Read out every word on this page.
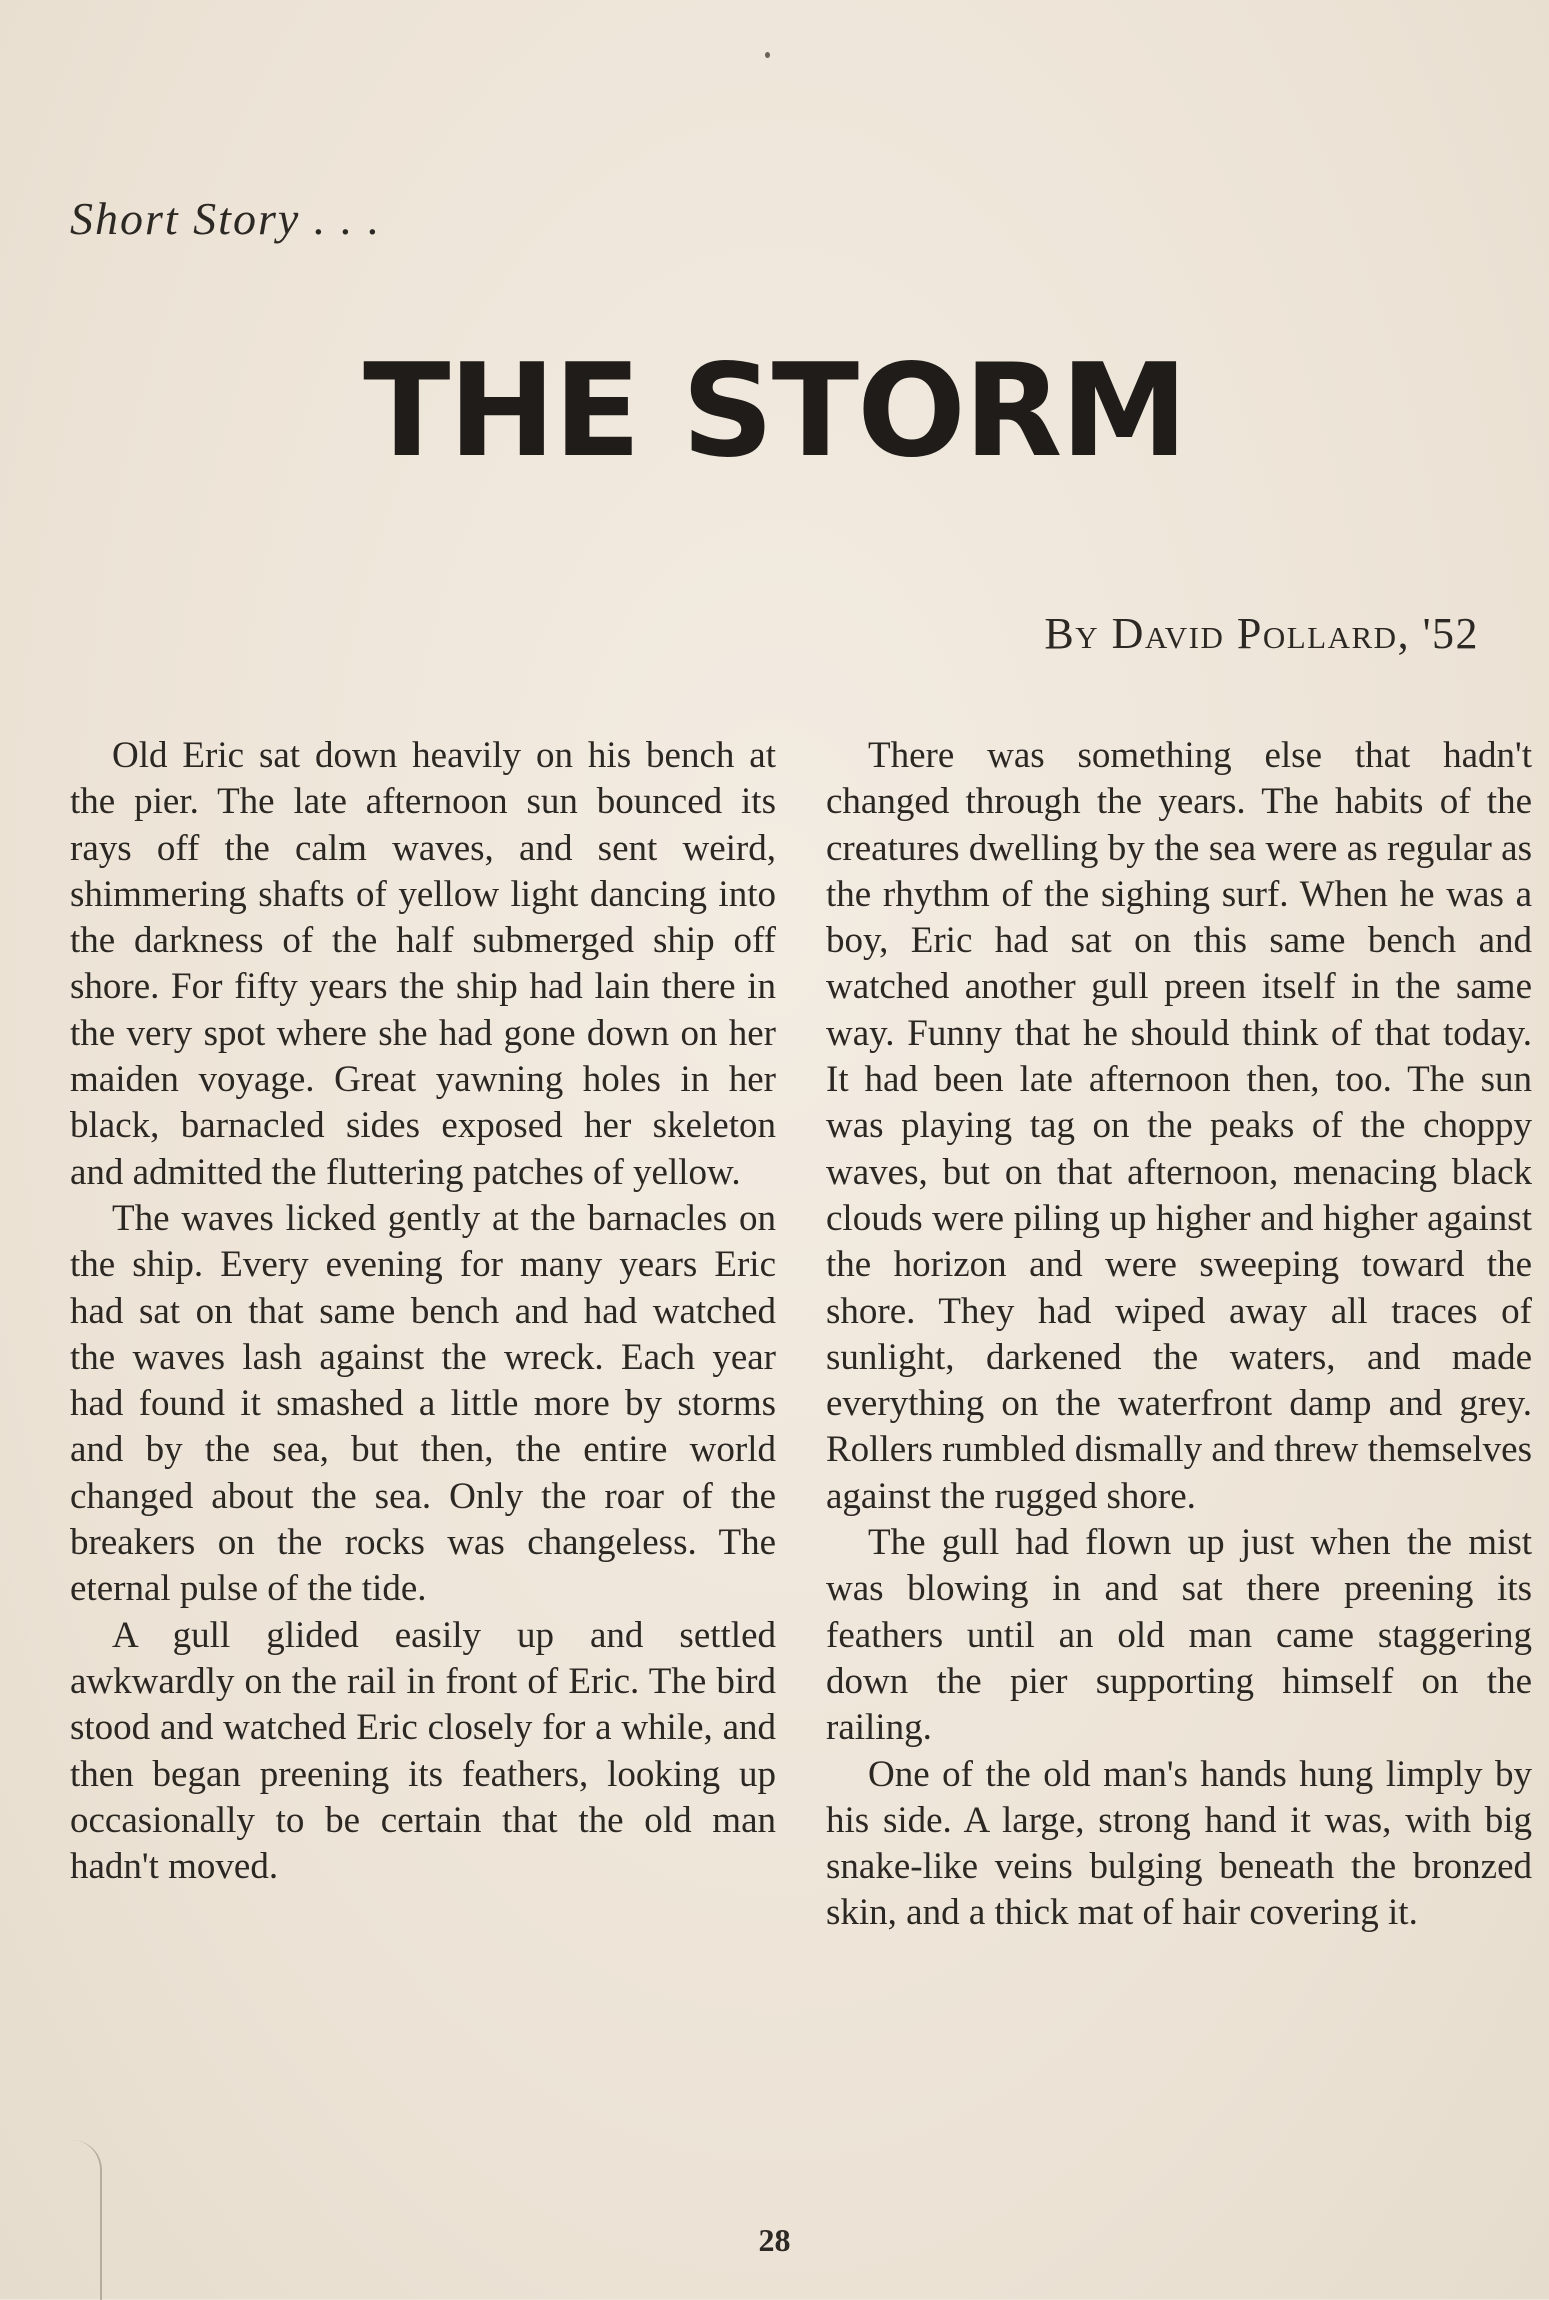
Short Story . . .
THE STORM
By David Pollard, '52

Old Eric sat down heavily on his bench at the pier. The late afternoon sun bounced its rays off the calm waves, and sent weird, shimmering shafts of yellow light dancing into the darkness of the half submerged ship off shore. For fifty years the ship had lain there in the very spot where she had gone down on her maiden voyage. Great yawning holes in her black, barnacled sides exposed her skeleton and admitted the fluttering patches of yellow.

The waves licked gently at the barnacles on the ship. Every evening for many years Eric had sat on that same bench and had watched the waves lash against the wreck. Each year had found it smashed a little more by storms and by the sea, but then, the entire world changed about the sea. Only the roar of the breakers on the rocks was changeless. The eternal pulse of the tide.

A gull glided easily up and settled awkwardly on the rail in front of Eric. The bird stood and watched Eric closely for a while, and then began preening its feathers, looking up occasionally to be certain that the old man hadn't moved.

There was something else that hadn't changed through the years. The habits of the creatures dwelling by the sea were as regular as the rhythm of the sighing surf. When he was a boy, Eric had sat on this same bench and watched another gull preen itself in the same way. Funny that he should think of that today. It had been late afternoon then, too. The sun was playing tag on the peaks of the choppy waves, but on that afternoon, menacing black clouds were piling up higher and higher against the horizon and were sweeping toward the shore. They had wiped away all traces of sunlight, darkened the waters, and made everything on the waterfront damp and grey. Rollers rumbled dismally and threw themselves against the rugged shore.

The gull had flown up just when the mist was blowing in and sat there preening its feathers until an old man came staggering down the pier supporting himself on the railing.

One of the old man's hands hung limply by his side. A large, strong hand it was, with big snake-like veins bulging beneath the bronzed skin, and a thick mat of hair covering it.

28
